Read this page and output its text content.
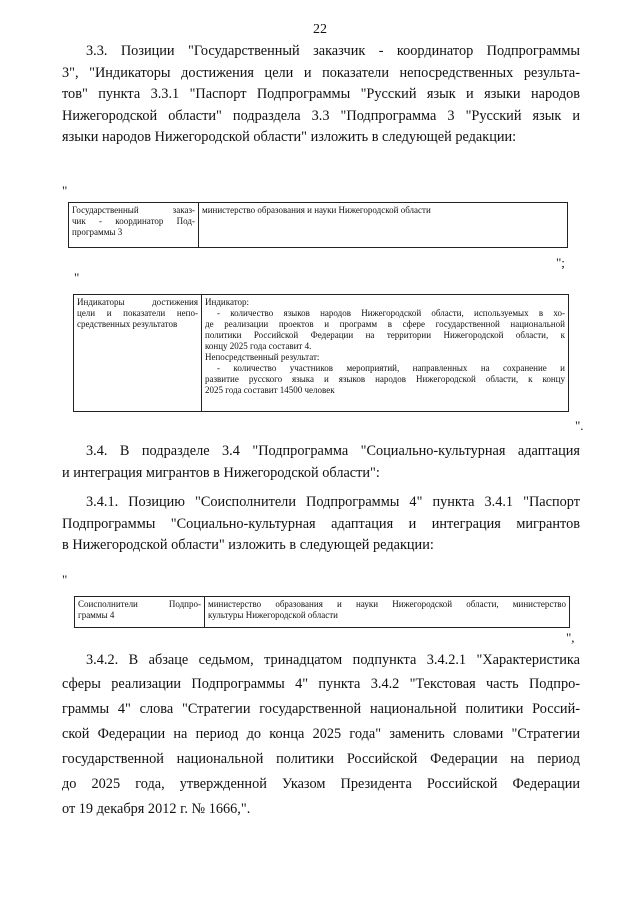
22
3.3. Позиции "Государственный заказчик - координатор Подпрограммы
3", "Индикаторы достижения цели и показатели непосредственных результа-
тов" пункта 3.3.1 "Паспорт Подпрограммы "Русский язык и языки народов
Нижегородской области" подраздела 3.3 "Подпрограмма 3 "Русский язык и
языки народов Нижегородской области" изложить в следующей редакции:
"
Государственный заказ-
чик - координатор Под-
программы 3

министерство образования и науки Нижегородской области
";
"
Индикаторы достижения
цели и показатели непо-
средственных результатов

Индикатор:
- количество языков народов Нижегородской области, используемых в хо-
де реализации проектов и программ в сфере государственной национальной
политики Российской Федерации на территории Нижегородской области, к
концу 2025 года составит 4.
Непосредственный результат:
- количество участников мероприятий, направленных на сохранение и
развитие русского языка и языков народов Нижегородской области, к концу
2025 года составит 14500 человек
".
3.4. В подразделе 3.4 "Подпрограмма "Социально-культурная адаптация
и интеграция мигрантов в Нижегородской области":
3.4.1. Позицию "Соисполнители Подпрограммы 4" пункта 3.4.1 "Паспорт
Подпрограммы "Социально-культурная адаптация и интеграция мигрантов
в Нижегородской области" изложить в следующей редакции:
"
Соисполнители Подпро-
граммы 4

министерство образования и науки Нижегородской области, министерство
культуры Нижегородской области
",
3.4.2. В абзаце седьмом, тринадцатом подпункта 3.4.2.1 "Характеристика
сферы реализации Подпрограммы 4" пункта 3.4.2 "Текстовая часть Подпро-
граммы 4" слова "Стратегии государственной национальной политики Россий-
ской Федерации на период до конца 2025 года" заменить словами "Стратегии
государственной национальной политики Российской Федерации на период
до 2025 года, утвержденной Указом Президента Российской Федерации
от 19 декабря 2012 г. № 1666,".
